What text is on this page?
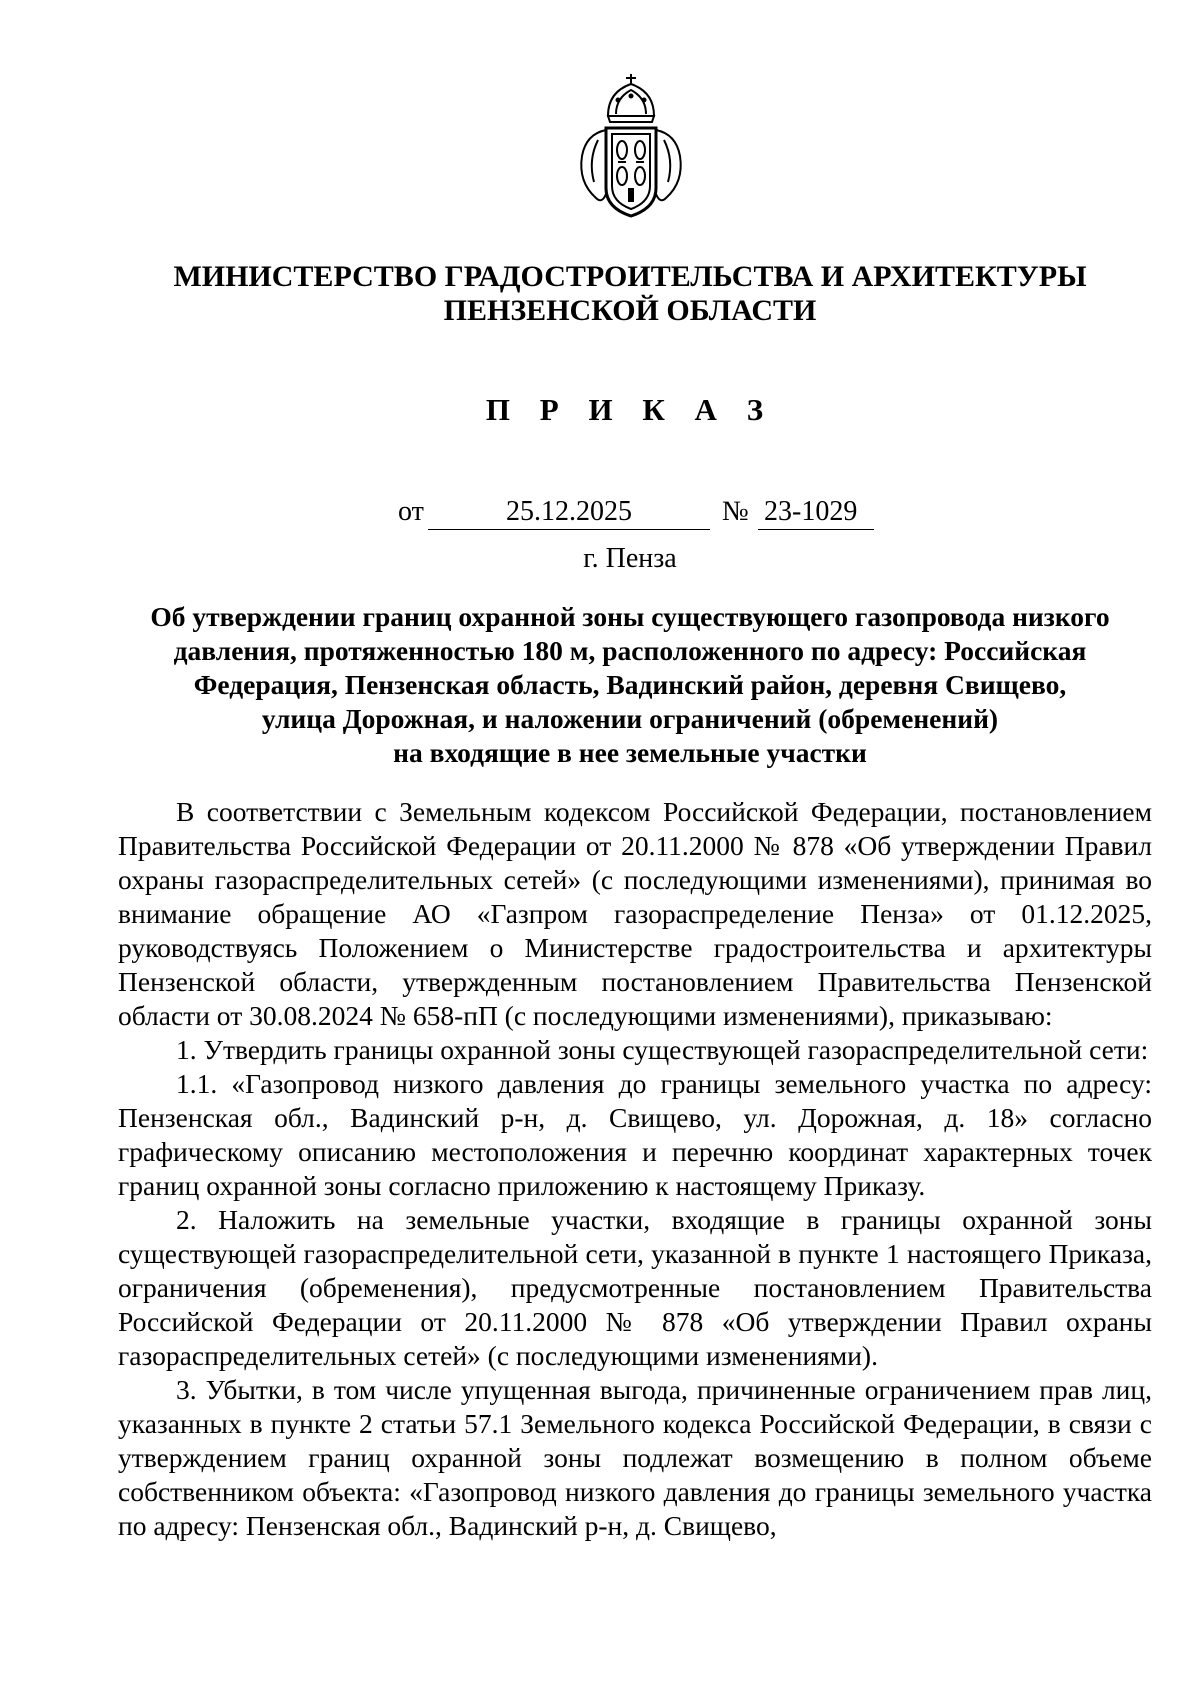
МИНИСТЕРСТВО ГРАДОСТРОИТЕЛЬСТВА И АРХИТЕКТУРЫ
ПЕНЗЕНСКОЙ ОБЛАСТИ
П Р И К А З
от	25.12.2025	№ 23-1029
г. Пенза
Об утверждении границ охранной зоны существующего газопровода низкого
давления, протяженностью 180 м, расположенного по адресу: Российская
Федерация, Пензенская область, Вадинский район, деревня Свищево,
улица Дорожная, и наложении ограничений (обременений)
на входящие в нее земельные участки

В соответствии с Земельным кодексом Российской Федерации, постановлением Правительства Российской Федерации от 20.11.2000 № 878 «Об утверждении Правил охраны газораспределительных сетей» (с последующими изменениями), принимая во внимание обращение АО «Газпром газораспределение Пенза» от 01.12.2025, руководствуясь Положением о Министерстве градостроительства и архитектуры Пензенской области, утвержденным постановлением Правительства Пензенской области от 30.08.2024 № 658-пП (с последующими изменениями), приказываю:

1. Утвердить границы охранной зоны существующей газораспределительной сети:

1.1. «Газопровод низкого давления до границы земельного участка по адресу: Пензенская обл., Вадинский р-н, д. Свищево, ул. Дорожная, д. 18» согласно графическому описанию местоположения и перечню координат характерных точек границ охранной зоны согласно приложению к настоящему Приказу.

2. Наложить на земельные участки, входящие в границы охранной зоны существующей газораспределительной сети, указанной в пункте 1 настоящего Приказа, ограничения (обременения), предусмотренные постановлением Правительства Российской Федерации от 20.11.2000 № 878 «Об утверждении Правил охраны газораспределительных сетей» (с последующими изменениями).

3. Убытки, в том числе упущенная выгода, причиненные ограничением прав лиц, указанных в пункте 2 статьи 57.1 Земельного кодекса Российской Федерации, в связи с утверждением границ охранной зоны подлежат возмещению в полном объеме собственником объекта: «Газопровод низкого давления до границы земельного участка по адресу: Пензенская обл., Вадинский р-н, д. Свищево,
